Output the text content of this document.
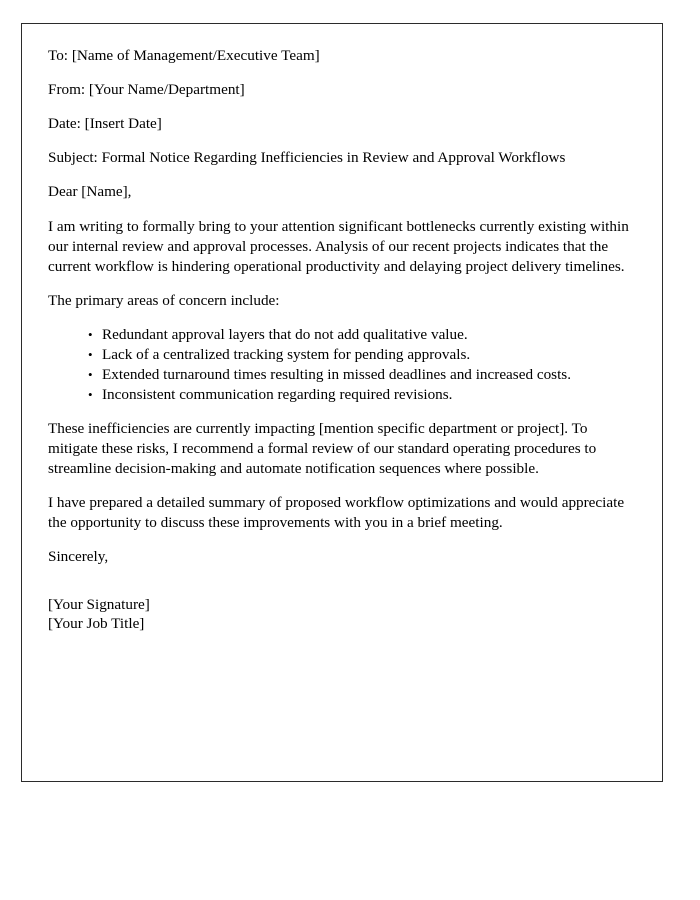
To: [Name of Management/Executive Team]

From: [Your Name/Department]

Date: [Insert Date]

Subject: Formal Notice Regarding Inefficiencies in Review and Approval Workflows

Dear [Name],

I am writing to formally bring to your attention significant bottlenecks currently existing within our internal review and approval processes. Analysis of our recent projects indicates that the current workflow is hindering operational productivity and delaying project delivery timelines.

The primary areas of concern include:

• Redundant approval layers that do not add qualitative value.
• Lack of a centralized tracking system for pending approvals.
• Extended turnaround times resulting in missed deadlines and increased costs.
• Inconsistent communication regarding required revisions.

These inefficiencies are currently impacting [mention specific department or project]. To mitigate these risks, I recommend a formal review of our standard operating procedures to streamline decision-making and automate notification sequences where possible.

I have prepared a detailed summary of proposed workflow optimizations and would appreciate the opportunity to discuss these improvements with you in a brief meeting.

Sincerely,

[Your Signature]
[Your Job Title]
